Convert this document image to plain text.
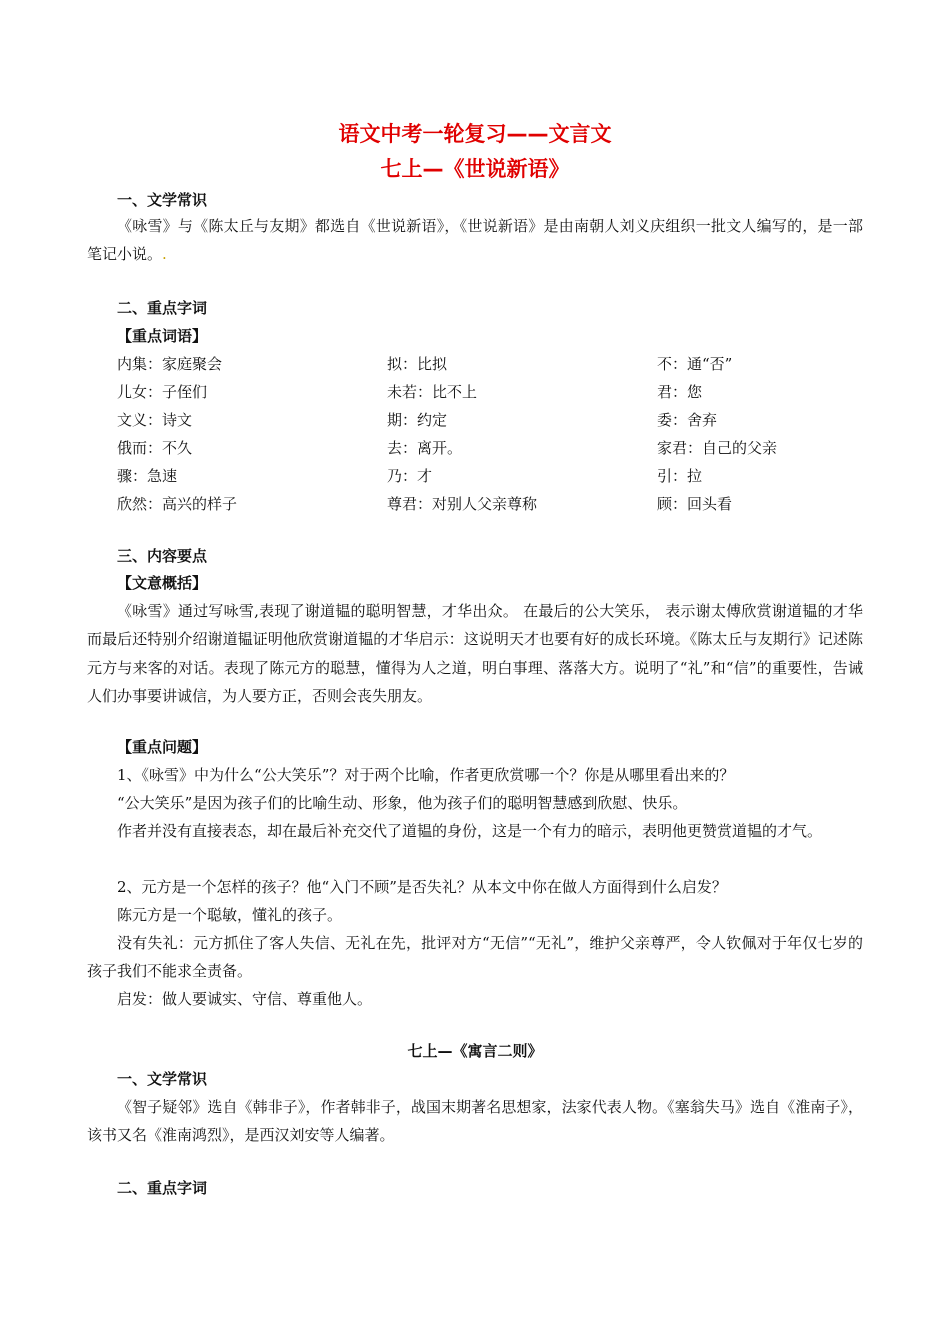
语文中考一轮复习——文言文
七上—《世说新语》
一、文学常识
《咏雪》与《陈太丘与友期》都选自《世说新语》，《世说新语》是由南朝人刘义庆组织一批文人编写的，是一部笔记小说。.
二、重点字词
【重点词语】
内集：家庭聚会	拟：比拟	不：通“否”
儿女：子侄们	未若：比不上	君：您
文义：诗文	期：约定	委：舍弃
俄而：不久	去：离开。	家君：自己的父亲
骤：急速	乃：才	引：拉
欣然：高兴的样子	尊君：对别人父亲尊称	顾：回头看
三、内容要点
【文意概括】
《咏雪》通过写咏雪,表现了谢道韫的聪明智慧，才华出众。 在最后的公大笑乐， 表示谢太傅欣赏谢道韫的才华 而最后还特别介绍谢道韫证明他欣赏谢道韫的才华启示：这说明天才也要有好的成长环境。《陈太丘与友期行》记述陈元方与来客的对话。表现了陈元方的聪慧，懂得为人之道，明白事理、落落大方。说明了“礼”和“信”的重要性，告诫人们办事要讲诚信，为人要方正，否则会丧失朋友。
【重点问题】
1、《咏雪》中为什么“公大笑乐”？对于两个比喻，作者更欣赏哪一个？你是从哪里看出来的？
“公大笑乐”是因为孩子们的比喻生动、形象，他为孩子们的聪明智慧感到欣慰、快乐。
作者并没有直接表态，却在最后补充交代了道韫的身份，这是一个有力的暗示，表明他更赞赏道韫的才气。
2、元方是一个怎样的孩子？他“入门不顾”是否失礼？从本文中你在做人方面得到什么启发？
陈元方是一个聪敏，懂礼的孩子。
没有失礼：元方抓住了客人失信、无礼在先，批评对方“无信”“无礼”，维护父亲尊严，令人钦佩对于年仅七岁的孩子我们不能求全责备。
启发：做人要诚实、守信、尊重他人。
七上—《寓言二则》
一、文学常识
《智子疑邻》选自《韩非子》，作者韩非子，战国末期著名思想家，法家代表人物。《塞翁失马》选自《淮南子》，该书又名《淮南鸿烈》，是西汉刘安等人编著。
二、重点字词
